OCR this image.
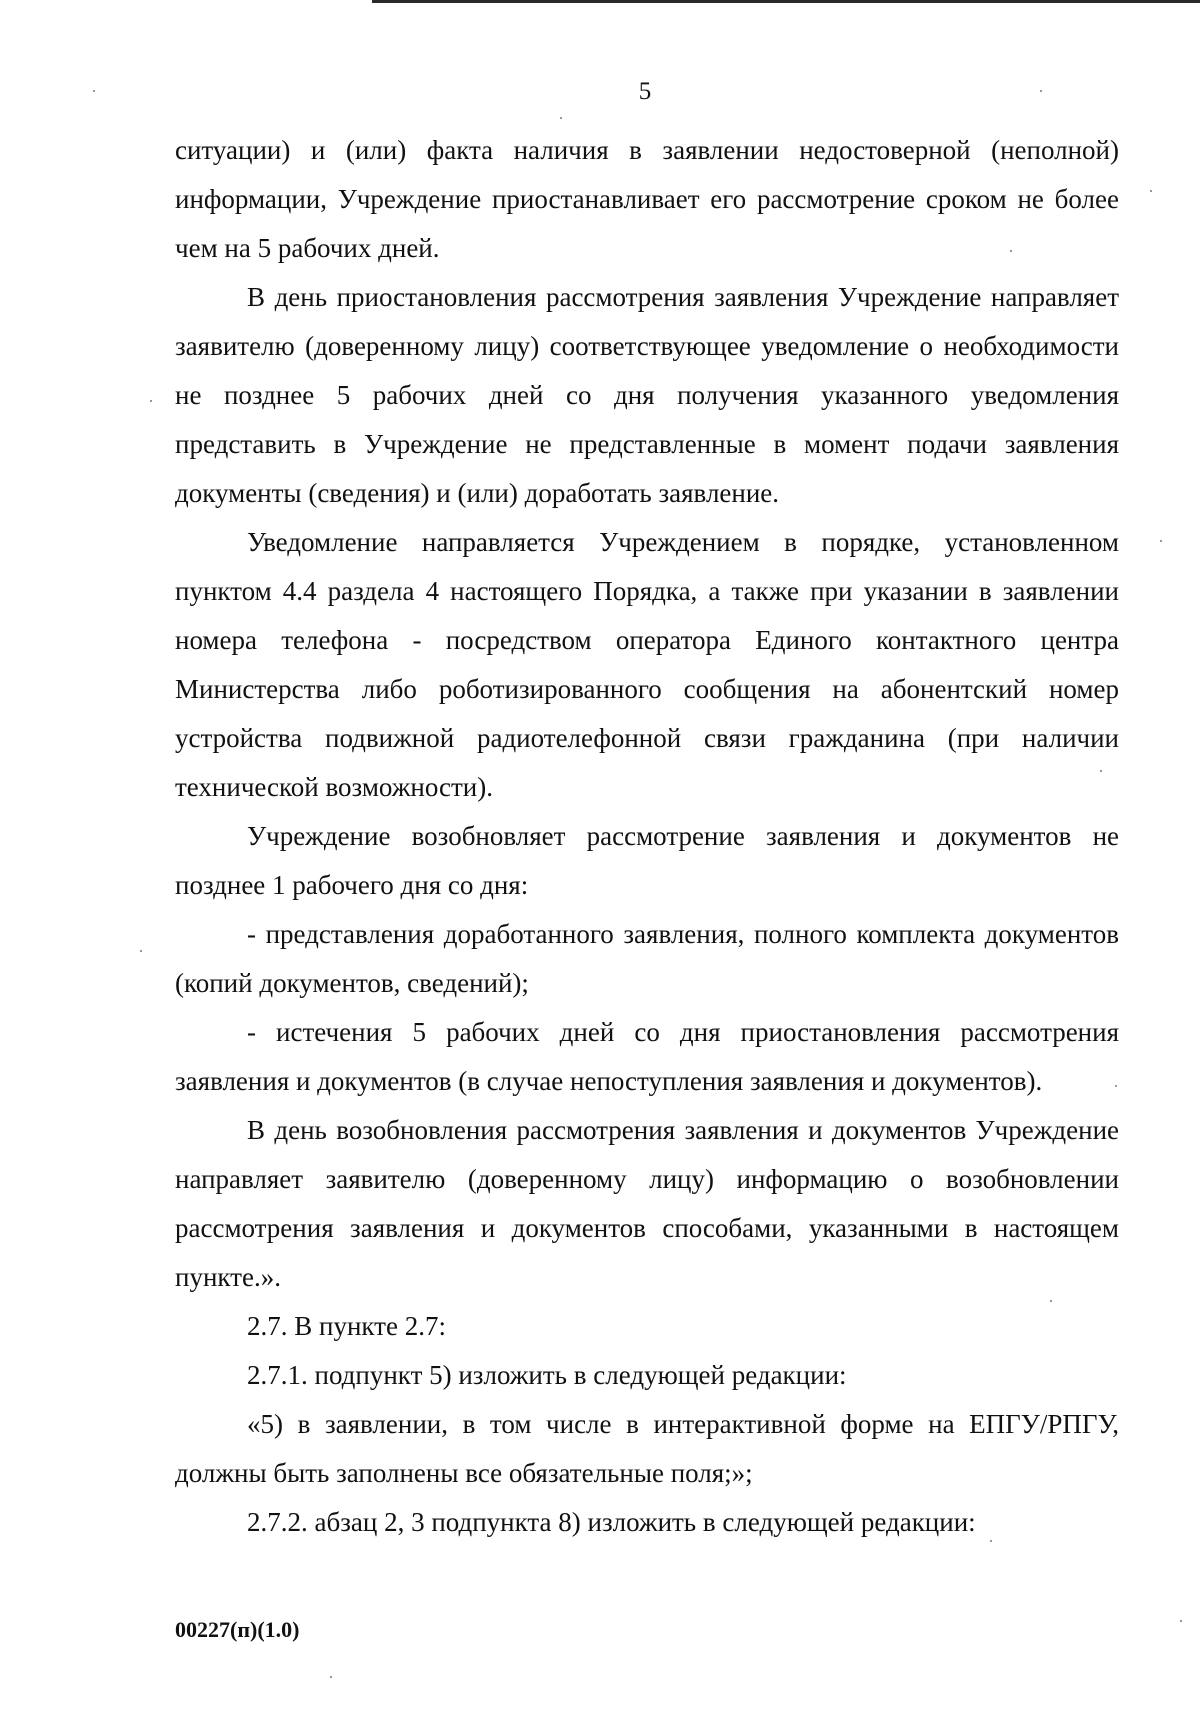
5

ситуации) и (или) факта наличия в заявлении недостоверной (неполной) информации, Учреждение приостанавливает его рассмотрение сроком не более чем на 5 рабочих дней.

В день приостановления рассмотрения заявления Учреждение направляет заявителю (доверенному лицу) соответствующее уведомление о необходимости не позднее 5 рабочих дней со дня получения указанного уведомления представить в Учреждение не представленные в момент подачи заявления документы (сведения) и (или) доработать заявление.

Уведомление направляется Учреждением в порядке, установленном пунктом 4.4 раздела 4 настоящего Порядка, а также при указании в заявлении номера телефона - посредством оператора Единого контактного центра Министерства либо роботизированного сообщения на абонентский номер устройства подвижной радиотелефонной связи гражданина (при наличии технической возможности).

Учреждение возобновляет рассмотрение заявления и документов не позднее 1 рабочего дня со дня:

- представления доработанного заявления, полного комплекта документов (копий документов, сведений);

- истечения 5 рабочих дней со дня приостановления рассмотрения заявления и документов (в случае непоступления заявления и документов).

В день возобновления рассмотрения заявления и документов Учреждение направляет заявителю (доверенному лицу) информацию о возобновлении рассмотрения заявления и документов способами, указанными в настоящем пункте.».

2.7. В пункте 2.7:

2.7.1. подпункт 5) изложить в следующей редакции:

«5) в заявлении, в том числе в интерактивной форме на ЕПГУ/РПГУ, должны быть заполнены все обязательные поля;»;

2.7.2. абзац 2, 3 подпункта 8) изложить в следующей редакции:

00227(п)(1.0)
